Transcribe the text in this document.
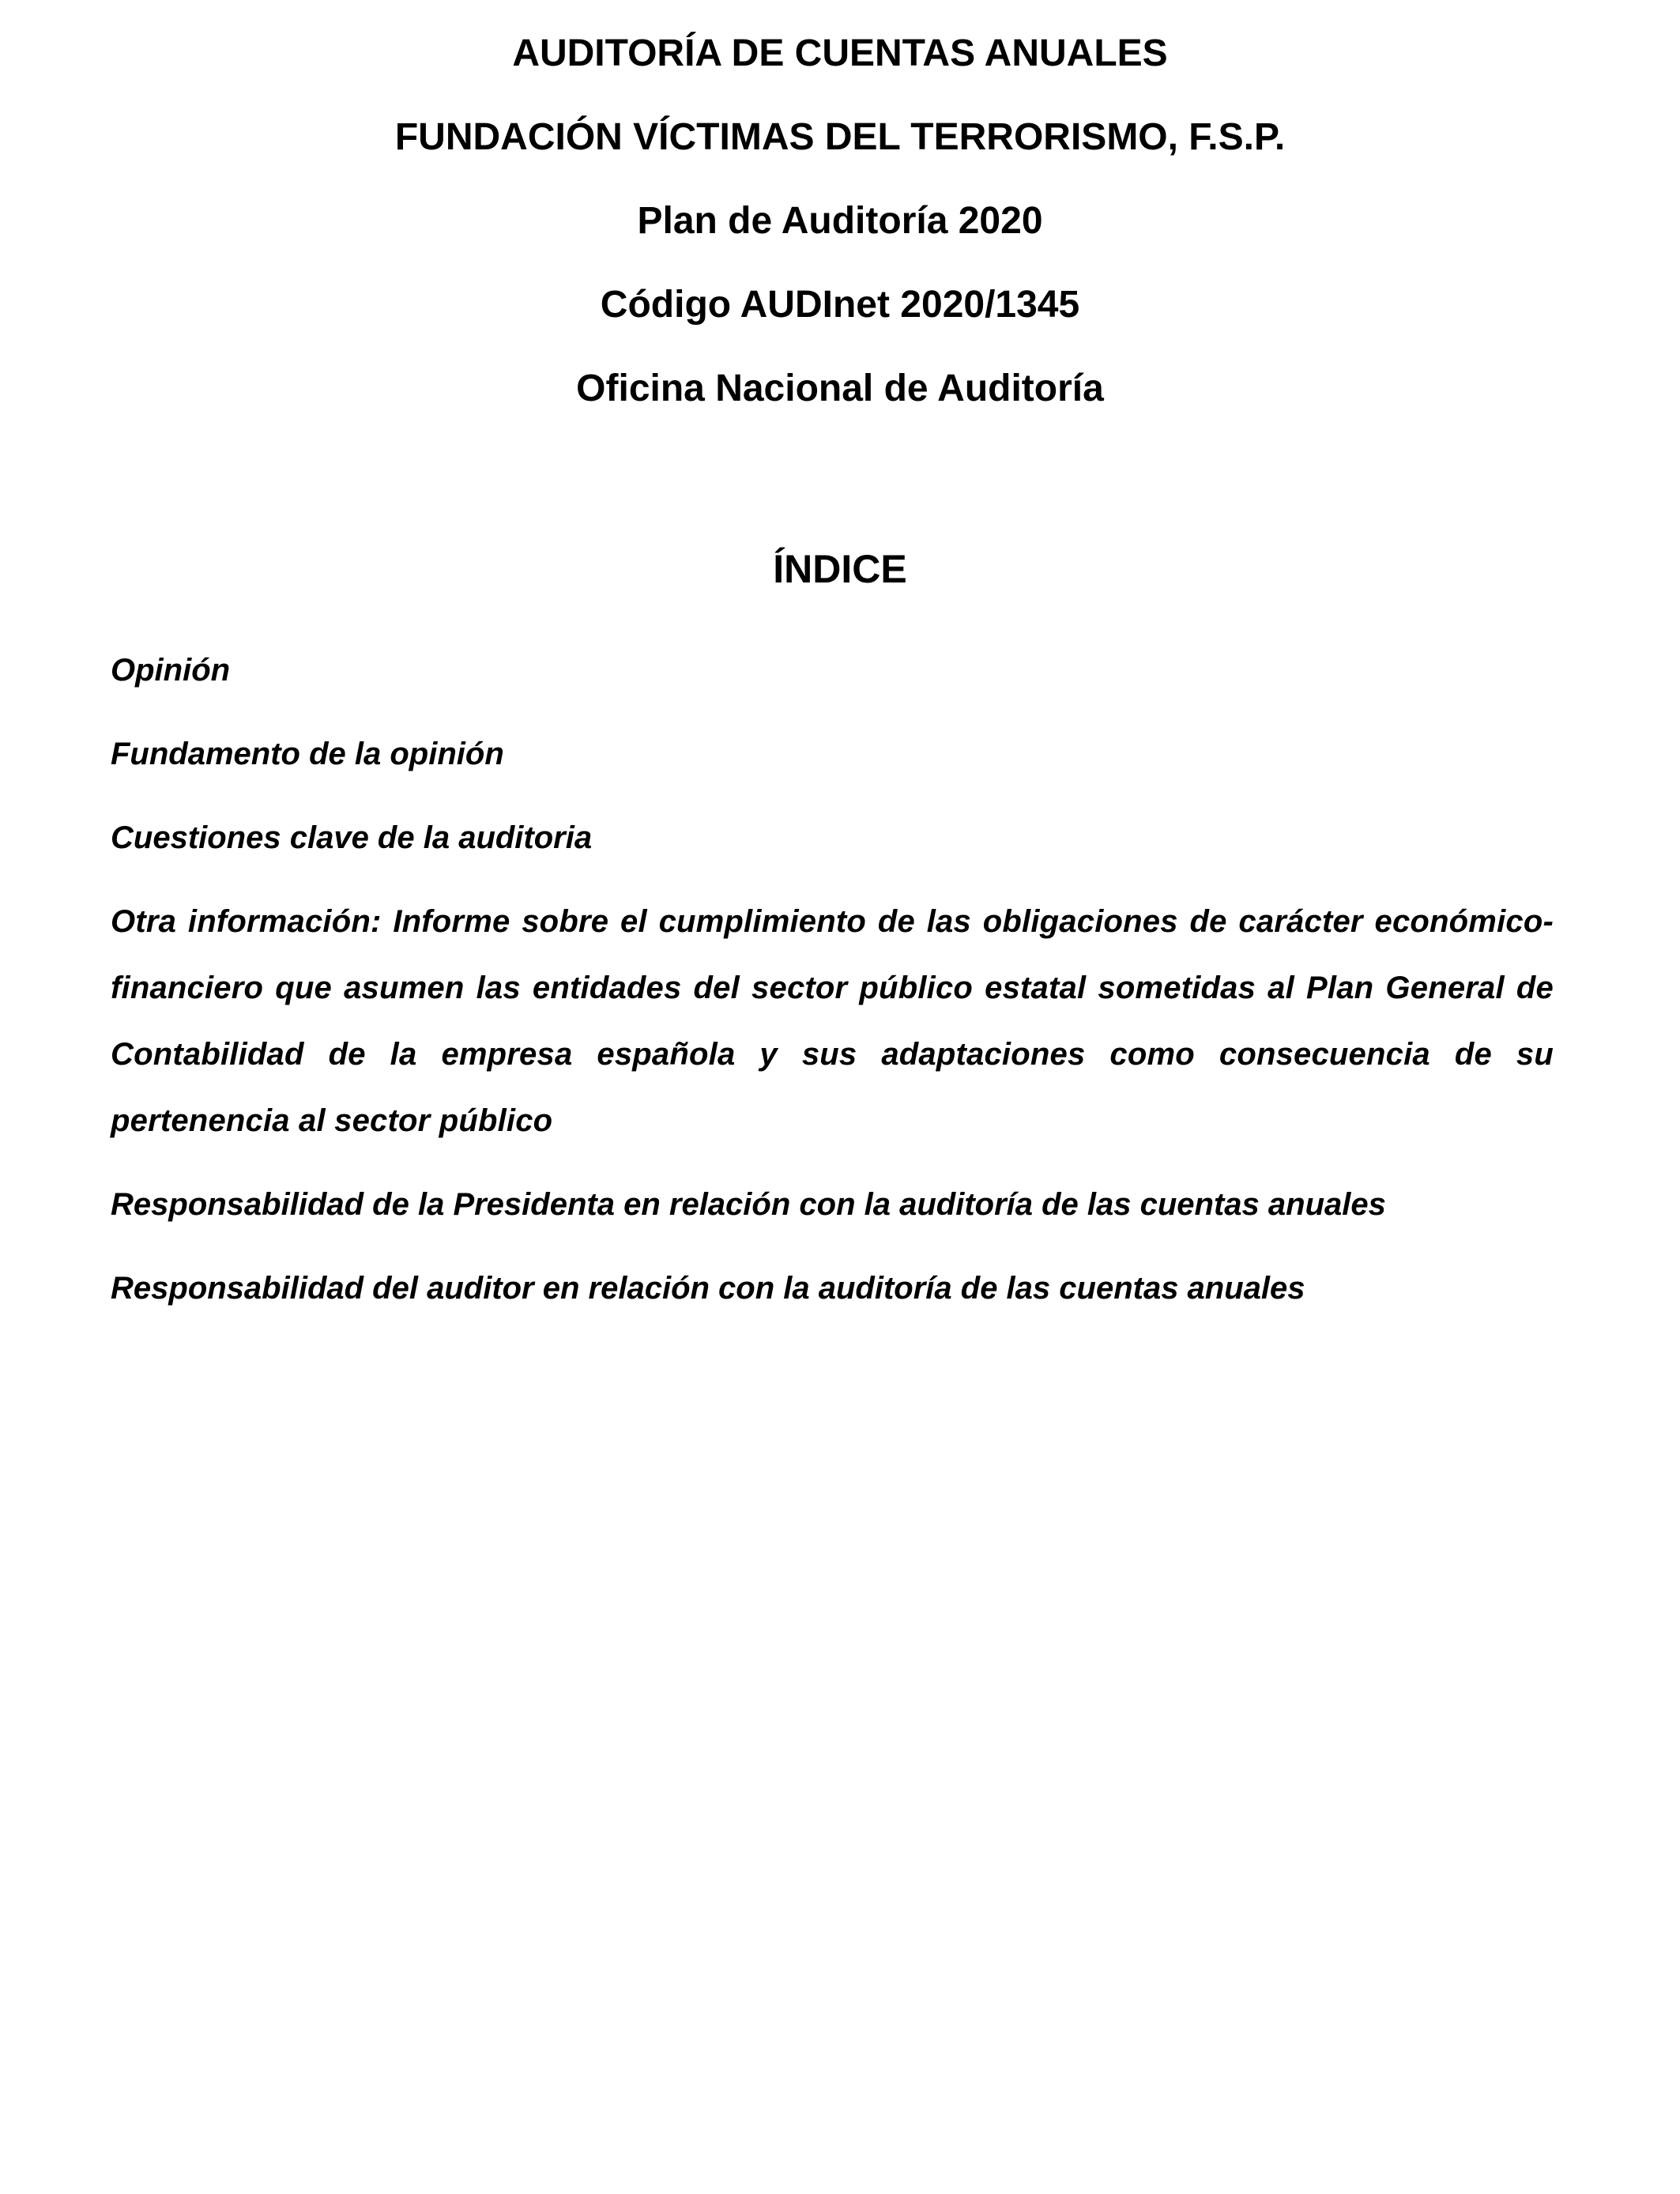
AUDITORÍA DE CUENTAS ANUALES
FUNDACIÓN VÍCTIMAS DEL TERRORISMO, F.S.P.
Plan de Auditoría 2020
Código AUDInet 2020/1345
Oficina Nacional de Auditoría
ÍNDICE
Opinión
Fundamento de la opinión
Cuestiones clave de la auditoria
Otra información: Informe sobre el cumplimiento de las obligaciones de carácter económico-financiero que asumen las entidades del sector público estatal sometidas al Plan General de Contabilidad de la empresa española y sus adaptaciones como consecuencia de su pertenencia al sector público
Responsabilidad de la Presidenta en relación con la auditoría de las cuentas anuales
Responsabilidad del auditor en relación con la auditoría de las cuentas anuales
